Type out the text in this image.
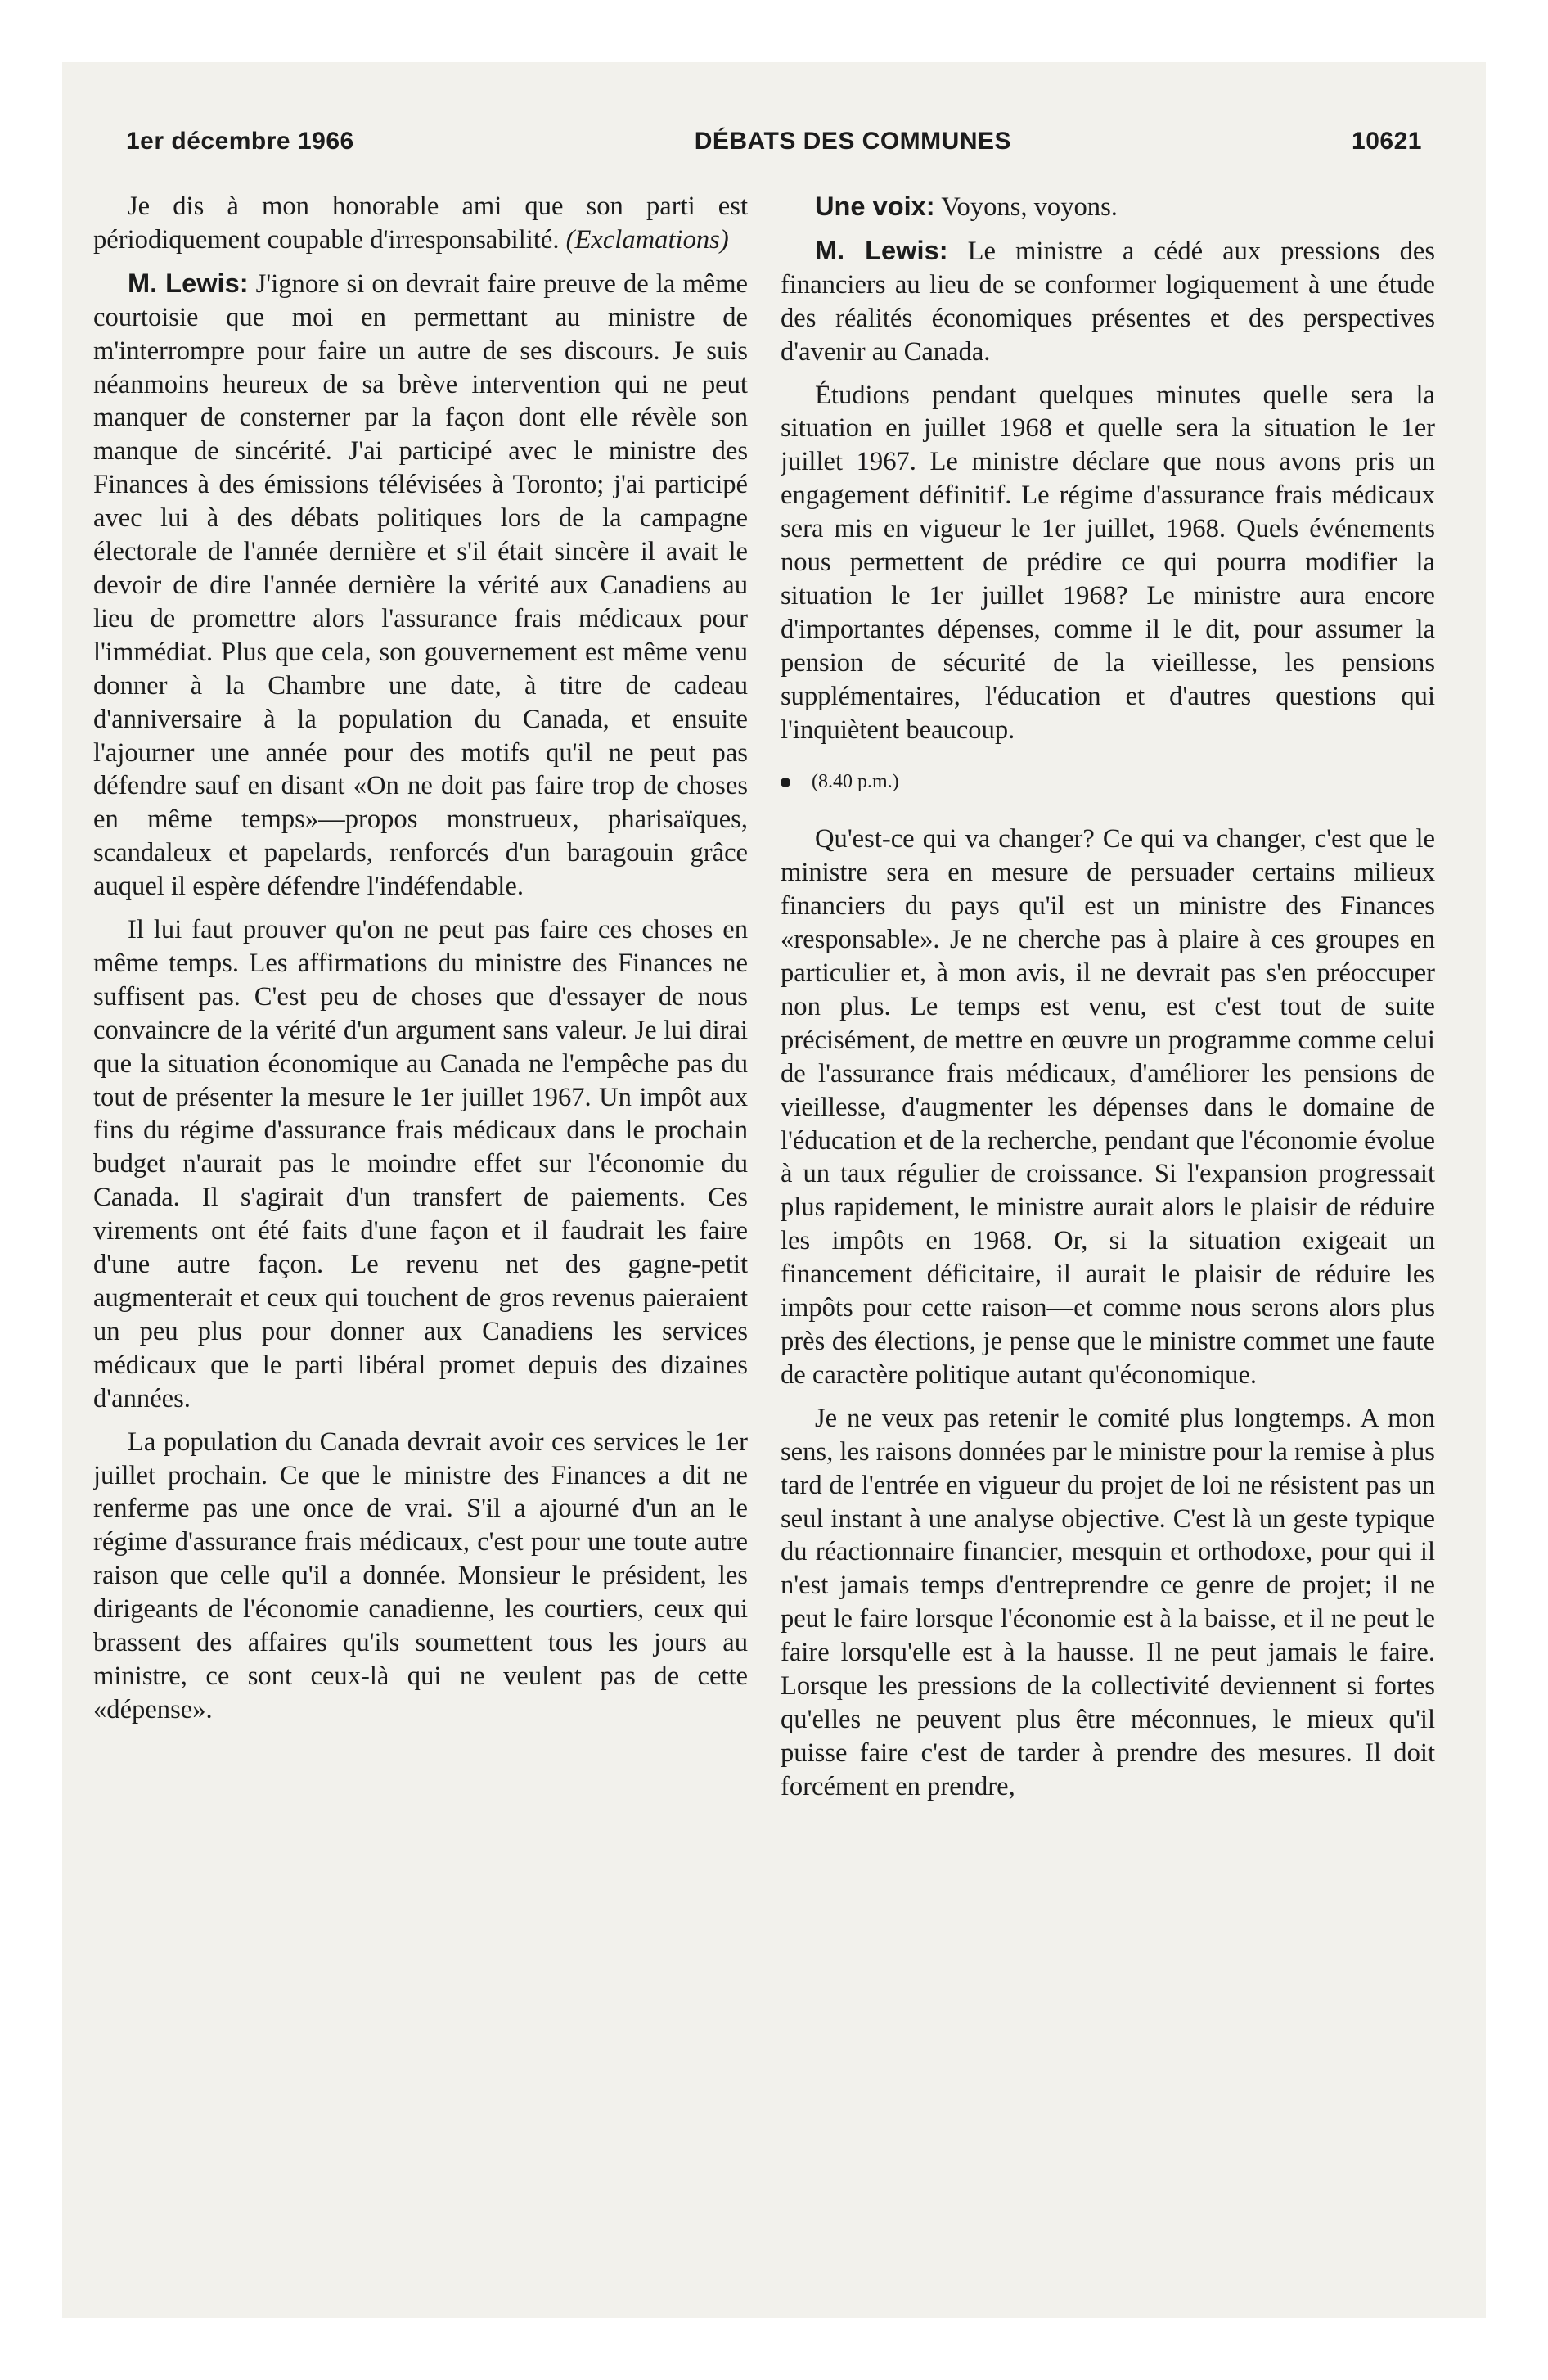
1er décembre 1966	DÉBATS DES COMMUNES	10621

Je dis à mon honorable ami que son parti est périodiquement coupable d'irresponsabilité. (Exclamations)

M. Lewis: J'ignore si on devrait faire preuve de la même courtoisie que moi en permettant au ministre de m'interrompre pour faire un autre de ses discours. Je suis néanmoins heureux de sa brève intervention qui ne peut manquer de consterner par la façon dont elle révèle son manque de sincérité. J'ai participé avec le ministre des Finances à des émissions télévisées à Toronto; j'ai participé avec lui à des débats politiques lors de la campagne électorale de l'année dernière et s'il était sincère il avait le devoir de dire l'année dernière la vérité aux Canadiens au lieu de promettre alors l'assurance frais médicaux pour l'immédiat. Plus que cela, son gouvernement est même venu donner à la Chambre une date, à titre de cadeau d'anniversaire à la population du Canada, et ensuite l'ajourner une année pour des motifs qu'il ne peut pas défendre sauf en disant «On ne doit pas faire trop de choses en même temps»—propos monstrueux, pharisaïques, scandaleux et papelards, renforcés d'un baragouin grâce auquel il espère défendre l'indéfendable.

Il lui faut prouver qu'on ne peut pas faire ces choses en même temps. Les affirmations du ministre des Finances ne suffisent pas. C'est peu de choses que d'essayer de nous convaincre de la vérité d'un argument sans valeur. Je lui dirai que la situation économique au Canada ne l'empêche pas du tout de présenter la mesure le 1er juillet 1967. Un impôt aux fins du régime d'assurance frais médicaux dans le prochain budget n'aurait pas le moindre effet sur l'économie du Canada. Il s'agirait d'un transfert de paiements. Ces virements ont été faits d'une façon et il faudrait les faire d'une autre façon. Le revenu net des gagne-petit augmenterait et ceux qui touchent de gros revenus paieraient un peu plus pour donner aux Canadiens les services médicaux que le parti libéral promet depuis des dizaines d'années.

La population du Canada devrait avoir ces services le 1er juillet prochain. Ce que le ministre des Finances a dit ne renferme pas une once de vrai. S'il a ajourné d'un an le régime d'assurance frais médicaux, c'est pour une toute autre raison que celle qu'il a donnée. Monsieur le président, les dirigeants de l'économie canadienne, les courtiers, ceux qui brassent des affaires qu'ils soumettent tous les jours au ministre, ce sont ceux-là qui ne veulent pas de cette «dépense».

Une voix: Voyons, voyons.

M. Lewis: Le ministre a cédé aux pressions des financiers au lieu de se conformer logiquement à une étude des réalités économiques présentes et des perspectives d'avenir au Canada.

Étudions pendant quelques minutes quelle sera la situation en juillet 1968 et quelle sera la situation le 1er juillet 1967. Le ministre déclare que nous avons pris un engagement définitif. Le régime d'assurance frais médicaux sera mis en vigueur le 1er juillet, 1968. Quels événements nous permettent de prédire ce qui pourra modifier la situation le 1er juillet 1968? Le ministre aura encore d'importantes dépenses, comme il le dit, pour assumer la pension de sécurité de la vieillesse, les pensions supplémentaires, l'éducation et d'autres questions qui l'inquiètent beaucoup.

(8.40 p.m.)

Qu'est-ce qui va changer? Ce qui va changer, c'est que le ministre sera en mesure de persuader certains milieux financiers du pays qu'il est un ministre des Finances «responsable». Je ne cherche pas à plaire à ces groupes en particulier et, à mon avis, il ne devrait pas s'en préoccuper non plus. Le temps est venu, est c'est tout de suite précisément, de mettre en œuvre un programme comme celui de l'assurance frais médicaux, d'améliorer les pensions de vieillesse, d'augmenter les dépenses dans le domaine de l'éducation et de la recherche, pendant que l'économie évolue à un taux régulier de croissance. Si l'expansion progressait plus rapidement, le ministre aurait alors le plaisir de réduire les impôts en 1968. Or, si la situation exigeait un financement déficitaire, il aurait le plaisir de réduire les impôts pour cette raison—et comme nous serons alors plus près des élections, je pense que le ministre commet une faute de caractère politique autant qu'économique.

Je ne veux pas retenir le comité plus longtemps. A mon sens, les raisons données par le ministre pour la remise à plus tard de l'entrée en vigueur du projet de loi ne résistent pas un seul instant à une analyse objective. C'est là un geste typique du réactionnaire financier, mesquin et orthodoxe, pour qui il n'est jamais temps d'entreprendre ce genre de projet; il ne peut le faire lorsque l'économie est à la baisse, et il ne peut le faire lorsqu'elle est à la hausse. Il ne peut jamais le faire. Lorsque les pressions de la collectivité deviennent si fortes qu'elles ne peuvent plus être méconnues, le mieux qu'il puisse faire c'est de tarder à prendre des mesures. Il doit forcément en prendre,
